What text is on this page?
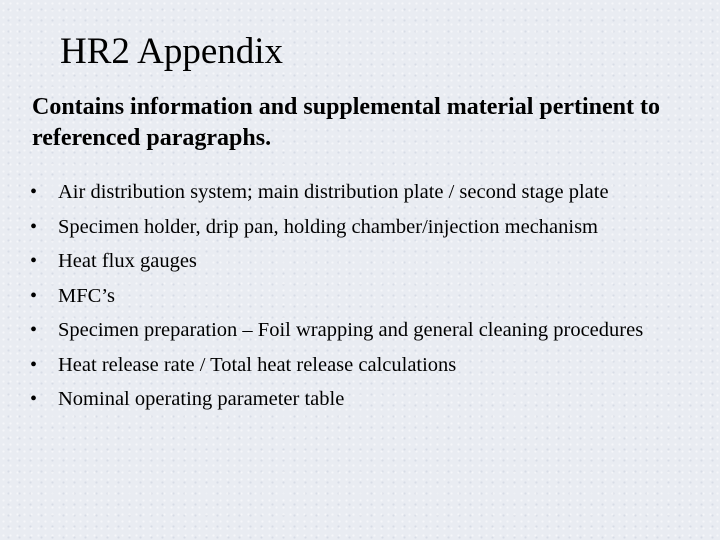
HR2 Appendix

Contains information and supplemental material pertinent to referenced paragraphs.

•	Air distribution system; main distribution plate / second stage plate
•	Specimen holder, drip pan, holding chamber/injection mechanism
•	Heat flux gauges
•	MFC’s
•	Specimen preparation – Foil wrapping and general cleaning procedures
•	Heat release rate / Total heat release calculations
•	Nominal operating parameter table
